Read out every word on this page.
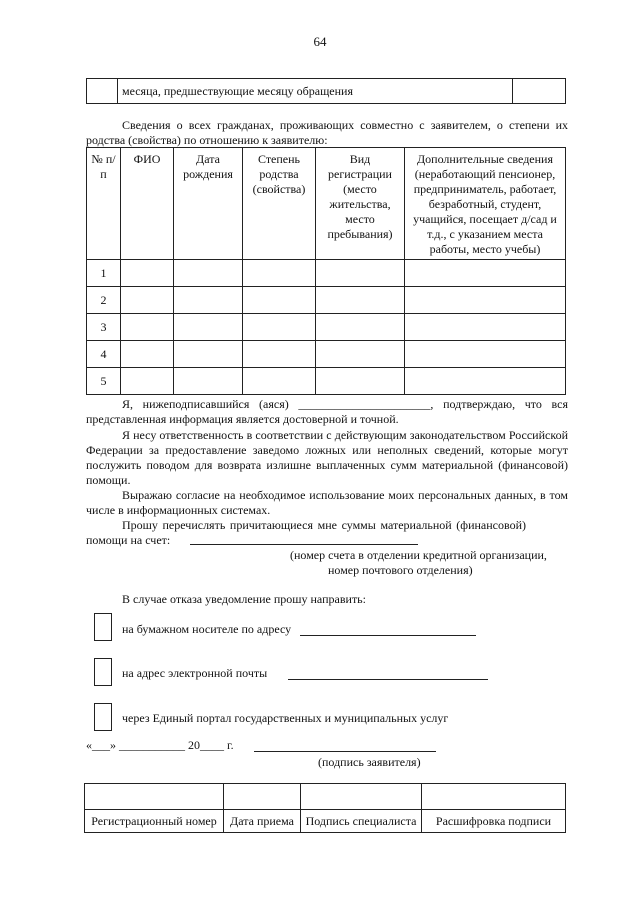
64
	месяца, предшествующие месяцу обращения	
Сведения о всех гражданах, проживающих совместно с заявителем, о степени их родства (свойства) по отношению к заявителю:
№ п/п	ФИО	Дата рождения	Степень родства (свойства)	Вид регистрации (место жительства, место пребывания)	Дополнительные сведения (неработающий пенсионер, предприниматель, работает, безработный, студент, учащийся, посещает д/сад и т.д., с указанием места работы, место учебы)
1					
2					
3					
4					
5					
Я, нижеподписавшийся (аяся) ______________________, подтверждаю, что вся представленная информация является достоверной и точной.
Я несу ответственность в соответствии с действующим законодательством Российской Федерации за предоставление заведомо ложных или неполных сведений, которые могут послужить поводом для возврата излишне выплаченных сумм материальной (финансовой) помощи.
Выражаю согласие на необходимое использование моих персональных данных, в том числе в информационных системах.
Прошу перечислять причитающиеся мне суммы материальной (финансовой) помощи на счет:
(номер счета в отделении кредитной организации,
номер почтового отделения)
В случае отказа уведомление прошу направить:
на бумажном носителе по адресу
на адрес электронной почты
через Единый портал государственных и муниципальных услуг
«___» ___________ 20____ г.
(подпись заявителя)

Регистрационный номер	Дата приема	Подпись специалиста	Расшифровка подписи
